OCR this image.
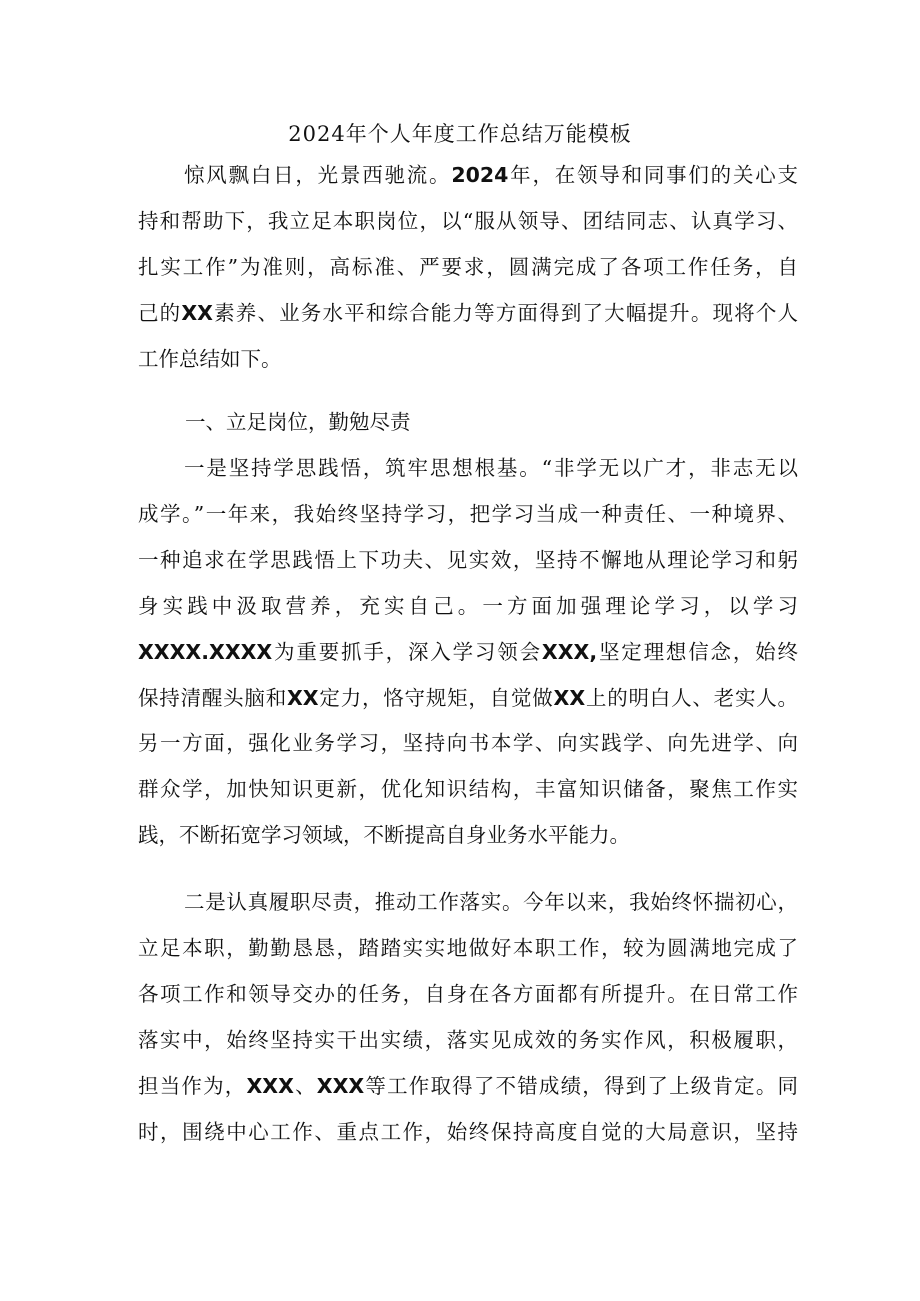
2024年个人年度工作总结万能模板
惊风飘白日，光景西驰流。2024年，在领导和同事们的关心支
持和帮助下，我立足本职岗位，以“服从领导、团结同志、认真学习、
扎实工作”为准则，高标准、严要求，圆满完成了各项工作任务，自
己的XX素养、业务水平和综合能力等方面得到了大幅提升。现将个人
工作总结如下。
一、立足岗位，勤勉尽责
一是坚持学思践悟，筑牢思想根基。“非学无以广才，非志无以
成学。”一年来，我始终坚持学习，把学习当成一种责任、一种境界、
一种追求在学思践悟上下功夫、见实效，坚持不懈地从理论学习和躬
身实践中汲取营养，充实自己。一方面加强理论学习，以学习
XXXX.XXXX为重要抓手，深入学习领会XXX,坚定理想信念，始终
保持清醒头脑和XX定力，恪守规矩，自觉做XX上的明白人、老实人。
另一方面，强化业务学习，坚持向书本学、向实践学、向先进学、向
群众学，加快知识更新，优化知识结构，丰富知识储备，聚焦工作实
践，不断拓宽学习领域，不断提高自身业务水平能力。
二是认真履职尽责，推动工作落实。今年以来，我始终怀揣初心，
立足本职，勤勤恳恳，踏踏实实地做好本职工作，较为圆满地完成了
各项工作和领导交办的任务，自身在各方面都有所提升。在日常工作
落实中，始终坚持实干出实绩，落实见成效的务实作风，积极履职，
担当作为，XXX、XXX等工作取得了不错成绩，得到了上级肯定。同
时，围绕中心工作、重点工作，始终保持高度自觉的大局意识，坚持
